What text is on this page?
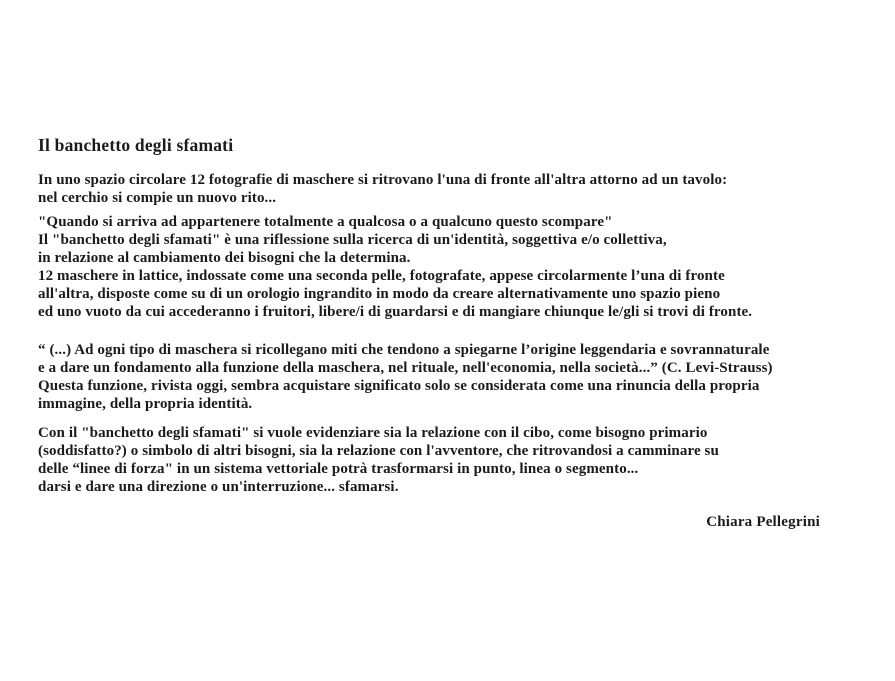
Il banchetto degli sfamati
In uno spazio circolare 12 fotografie di maschere si ritrovano l'una di fronte all'altra attorno ad un tavolo:
nel cerchio si compie un nuovo rito...
"Quando si arriva ad appartenere totalmente a qualcosa o a qualcuno questo scompare"
Il "banchetto degli sfamati" è una riflessione sulla ricerca di un'identità, soggettiva e/o collettiva,
in relazione al cambiamento dei bisogni che la determina.
12 maschere in lattice, indossate come una seconda pelle, fotografate, appese circolarmente l’una di fronte
all'altra, disposte come su di un orologio ingrandito in modo da creare alternativamente uno spazio pieno
ed uno vuoto da cui accederanno i fruitori, libere/i di guardarsi e di mangiare chiunque le/gli si trovi di fronte.
“ (...) Ad ogni tipo di maschera si ricollegano miti che tendono a spiegarne l’origine leggendaria e sovrannaturale
e a dare un fondamento alla funzione della maschera, nel rituale, nell'economia, nella società...” (C. Levi-Strauss)
Questa funzione, rivista oggi, sembra acquistare significato solo se considerata come una rinuncia della propria
immagine, della propria identità.
Con il "banchetto degli sfamati" si vuole evidenziare sia la relazione con il cibo, come bisogno primario
(soddisfatto?) o simbolo di altri bisogni, sia la relazione con l'avventore, che ritrovandosi a camminare su
delle “linee di forza" in un sistema vettoriale potrà trasformarsi in punto, linea o segmento...
darsi e dare una direzione o un'interruzione... sfamarsi.
Chiara Pellegrini
